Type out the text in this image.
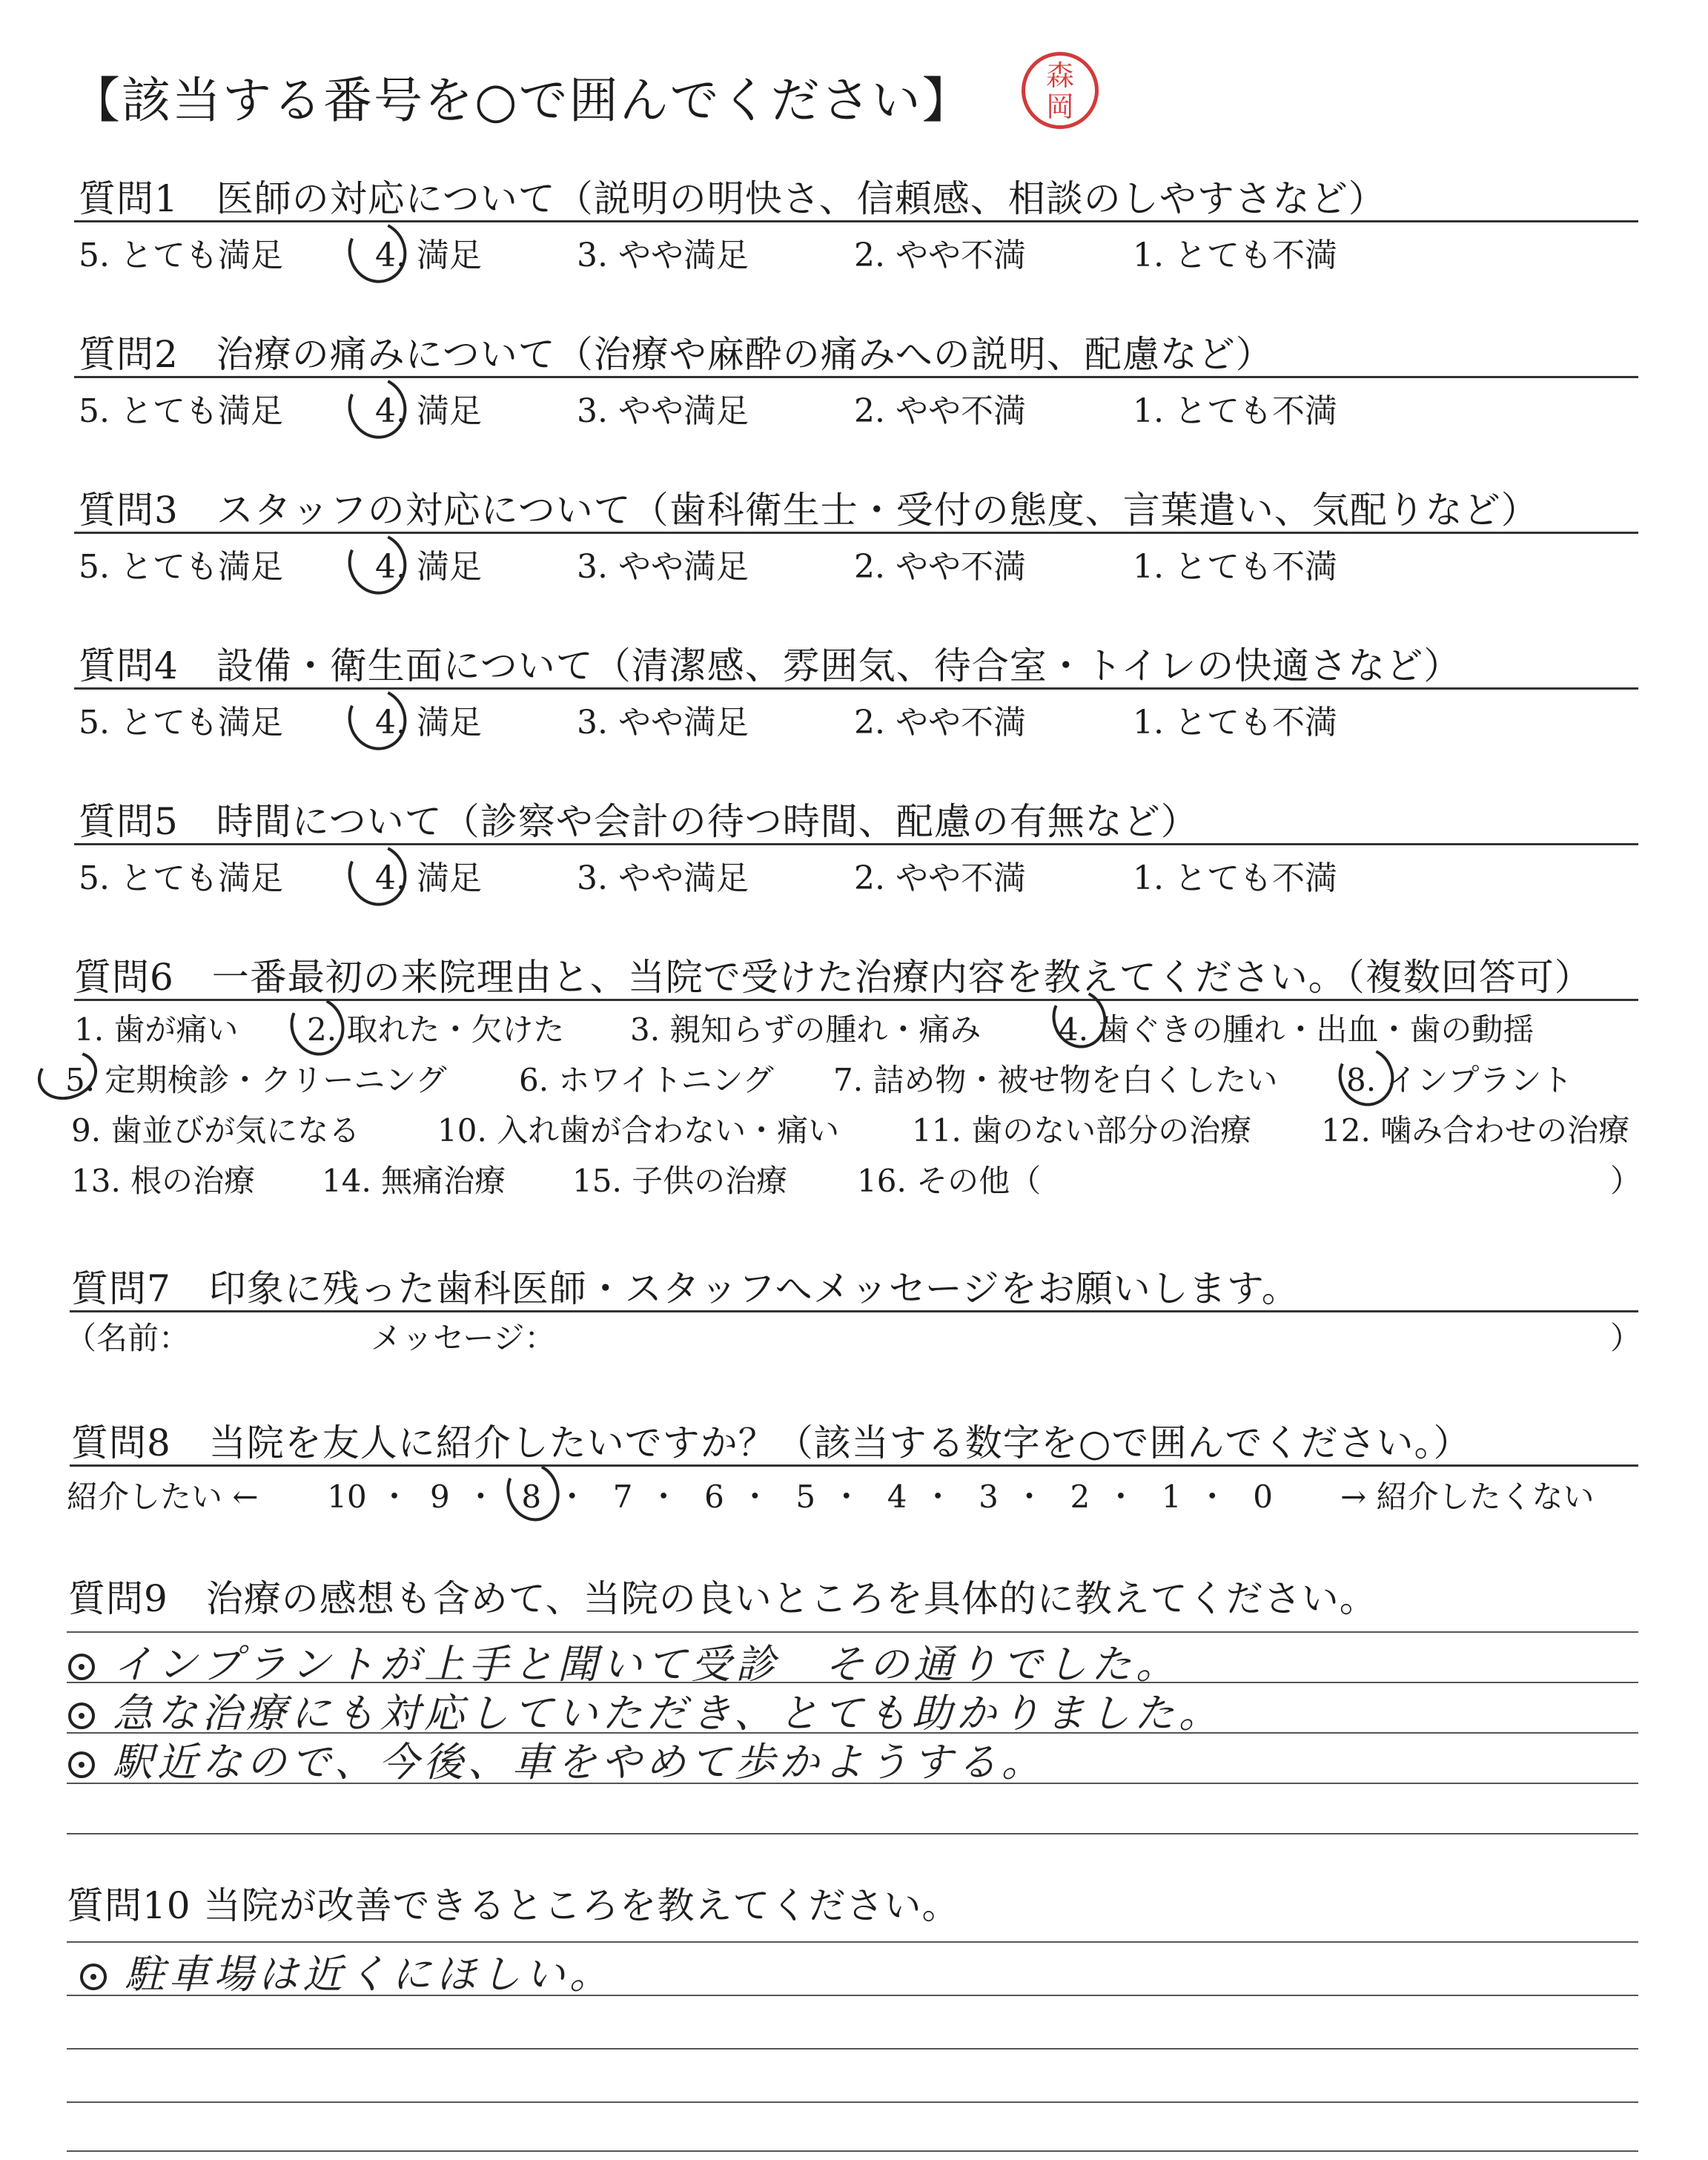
【該当する番号を○で囲んでください】	森岡
質問1　医師の対応について（説明の明快さ、信頼感、相談のしやすさなど）
5. とても満足	4. 満足	3. やや満足	2. やや不満	1. とても不満
質問2　治療の痛みについて（治療や麻酔の痛みへの説明、配慮など）
5. とても満足	4. 満足	3. やや満足	2. やや不満	1. とても不満
質問3　スタッフの対応について（歯科衛生士・受付の態度、言葉遣い、気配りなど）
5. とても満足	4. 満足	3. やや満足	2. やや不満	1. とても不満
質問4　設備・衛生面について（清潔感、雰囲気、待合室・トイレの快適さなど）
5. とても満足	4. 満足	3. やや満足	2. やや不満	1. とても不満
質問5　時間について（診察や会計の待つ時間、配慮の有無など）
5. とても満足	4. 満足	3. やや満足	2. やや不満	1. とても不満
質問6　一番最初の来院理由と、当院で受けた治療内容を教えてください。（複数回答可）
1. 歯が痛い 2. 取れた・欠けた 3. 親知らずの腫れ・痛み 4. 歯ぐきの腫れ・出血・歯の動揺
5. 定期検診・クリーニング 6. ホワイトニング 7. 詰め物・被せ物を白くしたい 8. インプラント
9. 歯並びが気になる 10. 入れ歯が合わない・痛い 11. 歯のない部分の治療 12. 噛み合わせの治療
13. 根の治療 14. 無痛治療 15. 子供の治療 16. その他（	）
質問7　印象に残った歯科医師・スタッフへメッセージをお願いします。
（名前：	メッセージ：	）
質問8　当院を友人に紹介したいですか？（該当する数字を○で囲んでください。）
紹介したい ← 10 ・ 9 ・ 8 ・ 7 ・ 6 ・ 5 ・ 4 ・ 3 ・ 2 ・ 1 ・ 0 → 紹介したくない
質問9　治療の感想も含めて、当院の良いところを具体的に教えてください。
インプラントが上手と聞いて受診　その通りでした。
急な治療にも対応していただき、とても助かりました。
駅近なので、今後、車をやめて歩かようする。
質問10 当院が改善できるところを教えてください。
駐車場は近くにほしい。
